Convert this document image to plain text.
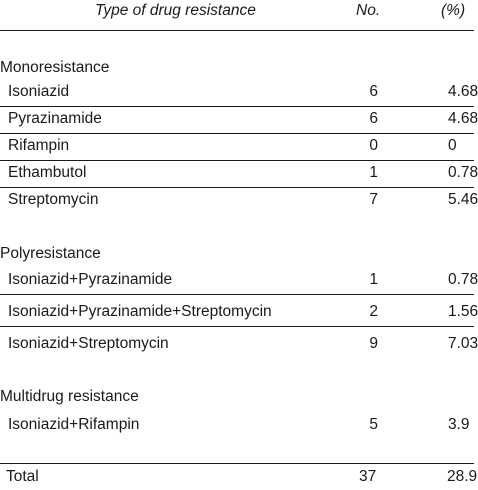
Type of drug resistance	No.	(%)
Monoresistance
Isoniazid	6	4.68
Pyrazinamide	6	4.68
Rifampin	0	0
Ethambutol	1	0.78
Streptomycin	7	5.46
Polyresistance
Isoniazid+Pyrazinamide	1	0.78
Isoniazid+Pyrazinamide+Streptomycin	2	1.56
Isoniazid+Streptomycin	9	7.03
Multidrug resistance
Isoniazid+Rifampin	5	3.9
Total	37	28.9
